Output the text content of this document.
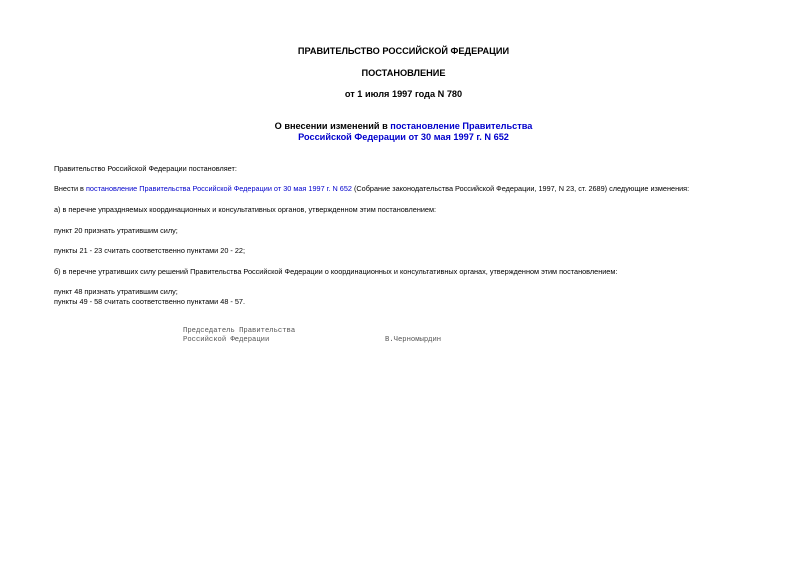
ПРАВИТЕЛЬСТВО РОССИЙСКОЙ ФЕДЕРАЦИИ
ПОСТАНОВЛЕНИЕ
от 1 июля 1997 года N 780
О внесении изменений в постановление Правительства
Российской Федерации от 30 мая 1997 г. N 652
Правительство Российской Федерации постановляет:
Внести в постановление Правительства Российской Федерации от 30 мая 1997 г. N 652 (Собрание законодательства Российской Федерации, 1997, N 23, ст. 2689) следующие изменения:
а) в перечне упраздняемых координационных и консультативных органов, утвержденном этим постановлением:
пункт 20 признать утратившим силу;
пункты 21 - 23 считать соответственно пунктами 20 - 22;
б) в перечне утративших силу решений Правительства Российской Федерации о координационных и консультативных органах, утвержденном этим постановлением:
пункт 48 признать утратившим силу;
пункты 49 - 58 считать соответственно пунктами 48 - 57.
Председатель Правительства
Российской Федерации	В.Черномырдин
